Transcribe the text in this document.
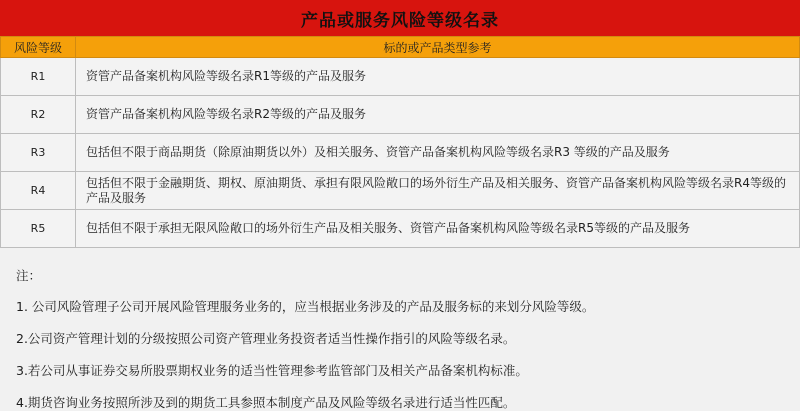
产品或服务风险等级名录
风险等级	标的或产品类型参考
R1	资管产品备案机构风险等级名录R1等级的产品及服务
R2	资管产品备案机构风险等级名录R2等级的产品及服务
R3	包括但不限于商品期货（除原油期货以外）及相关服务、资管产品备案机构风险等级名录R3 等级的产品及服务
R4	包括但不限于金融期货、期权、原油期货、承担有限风险敞口的场外衍生产品及相关服务、资管产品备案机构风险等级名录R4等级的产品及服务
R5	包括但不限于承担无限风险敞口的场外衍生产品及相关服务、资管产品备案机构风险等级名录R5等级的产品及服务
注：
1. 公司风险管理子公司开展风险管理服务业务的，应当根据业务涉及的产品及服务标的来划分风险等级。
2.公司资产管理计划的分级按照公司资产管理业务投资者适当性操作指引的风险等级名录。
3.若公司从事证券交易所股票期权业务的适当性管理参考监管部门及相关产品备案机构标准。
4.期货咨询业务按照所涉及到的期货工具参照本制度产品及风险等级名录进行适当性匹配。
